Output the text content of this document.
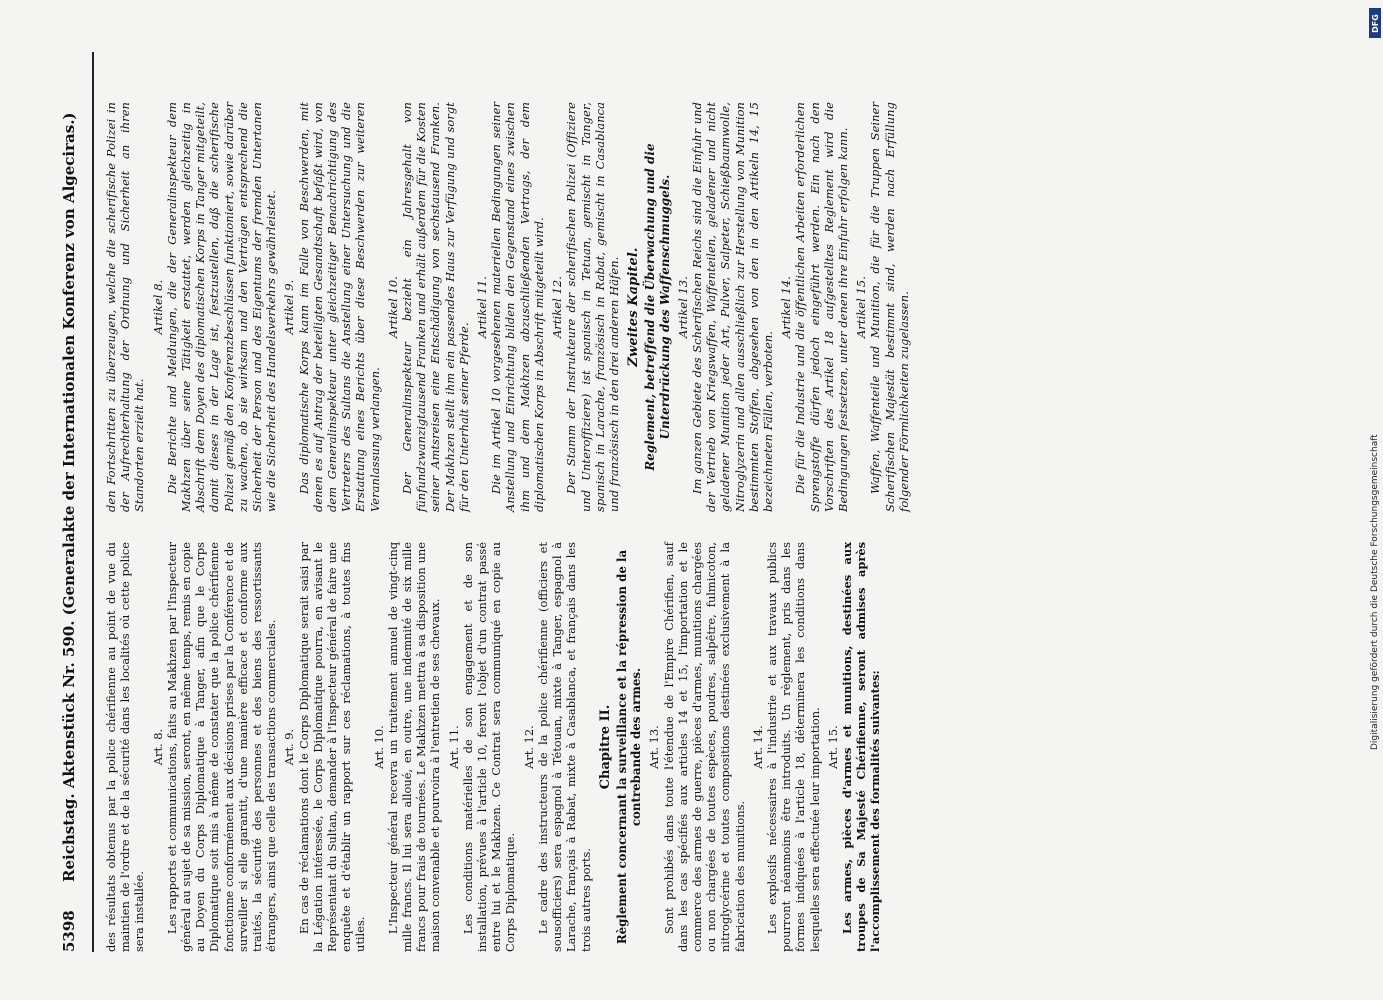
5398
Reichstag. Aktenstück Nr. 590. (Generalakte der Internationalen Konferenz von Algeciras.) des résultats obtenus par la police chérifienne au point de vue du maintien de l'ordre et de la sécurité dans les localités où cette police sera installée.

Art. 8. Les rapports et communications, faits au Makhzen par l'Inspecteur général au sujet de sa mission, seront, en même temps, remis en copie au Doyen du Corps Diplomatique à Tanger, afin que le Corps Diplomatique soit mis à même de constater que la police chérifienne fonctionne conformément aux décisions prises par la Conférence et de surveiller si elle garantit, d'une manière efficace et conforme aux traités, la sécurité des personnes et des biens des ressortissants étrangers, ainsi que celle des transactions commerciales. Art. 9. En cas de réclamations dont le Corps Diplomatique serait saisi par la Légation intéressée, le Corps Diplomatique pourra, en avisant le Représentant du Sultan, demander à l'Inspecteur général de faire une enquête et d'établir un rapport sur ces réclamations, à toutes fins utiles.

Art. 10. L'Inspecteur général recevra un traitement annuel de vingt-cinq mille francs. Il lui sera alloué, en outre, une indemnité de six mille francs pour frais de tournées. Le Makhzen mettra à sa disposition une maison convenable et pourvoira à l'entretien de ses chevaux. Art. 11. Les conditions matérielles de son engagement et de son installation, prévues à l'article 10, feront l'objet d'un contrat passé entre lui et le Makhzen. Ce Contrat sera communiqué en copie au Corps Diplomatique.

Art. 12. Le cadre des instructeurs de la police chérifienne (officiers et sousofficiers) sera espagnol à Tétouan, mixte à Tanger, espagnol à Larache, français à Rabat, mixte à Casablanca, et français dans les trois autres ports.

Chapitre II. Règlement concernant la surveillance et la répression de la contrebande des armes. Art. 13. Sont prohibés dans toute l'étendue de l'Empire Chérifien, sauf dans les cas spécifiés aux articles 14 et 15, l'importation et le commerce des armes de guerre, pièces d'armes, munitions chargées ou non chargées de toutes espèces, poudres, salpêtre, fulmicoton, nitroglycérine et toutes compositions destinées exclusivement à la fabrication des munitions.

Art. 14. Les explosifs nécessaires à l'industrie et aux travaux publics pourront néanmoins être introduits. Un règlement, pris dans les formes indiquées à l'article 18, déterminera les conditions dans lesquelles sera effectuée leur importation. Art. 15. Les armes, pièces d'armes et munitions, destinées aux troupes de Sa Majesté Chérifienne, seront admises après l'accomplissement des formalités suivantes:

den Fortschritten zu überzeugen, welche die scherifische Polizei in der Aufrechterhaltung der Ordnung und Sicherheit an ihren Standorten erzielt hat.

Artikel 8. Die Berichte und Meldungen, die der Generalinspekteur dem Makhzen über seine Tätigkeit erstattet, werden gleichzeitig in Abschrift dem Doyen des diplomatischen Korps in Tanger mitgeteilt, damit dieses in der Lage ist, festzustellen, daß die scherifische Polizei gemäß den Konferenzbeschlüssen funktioniert, sowie darüber zu wachen, ob sie wirksam und den Verträgen entsprechend die Sicherheit der Person und des Eigentums der fremden Untertanen wie die Sicherheit des Handelsverkehrs gewährleistet. Artikel 9. Das diplomatische Korps kann im Falle von Beschwerden, mit denen es auf Antrag der beteiligten Gesandtschaft befaßt wird, von dem Generalinspekteur unter gleichzeitiger Benachrichtigung des Vertreters des Sultans die Anstellung einer Untersuchung und die Erstattung eines Berichts über diese Beschwerden zur weiteren Veranlassung verlangen.

Artikel 10. Der Generalinspekteur bezieht ein Jahresgehalt von fünfundzwanzigtausend Franken und erhält außerdem für die Kosten seiner Amtsreisen eine Entschädigung von sechstausend Franken. Der Makhzen stellt ihm ein passendes Haus zur Verfügung und sorgt für den Unterhalt seiner Pferde.

Artikel 11. Die im Artikel 10 vorgesehenen materiellen Bedingungen seiner Anstellung und Einrichtung bilden den Gegenstand eines zwischen ihm und dem Makhzen abzuschließenden Vertrags, der dem diplomatischen Korps in Abschrift mitgeteilt wird. Artikel 12. Der Stamm der Instrukteure der scherifischen Polizei (Offiziere und Unteroffiziere) ist spanisch in Tetuan, gemischt in Tanger, spanisch in Larache, französisch in Rabat, gemischt in Casablanca und französisch in den drei anderen Häfen. Zweites Kapitel. Reglement, betreffend die Überwachung und die Unterdrückung des Waffenschmuggels. Artikel 13. Im ganzen Gebiete des Scherifischen Reichs sind die Einfuhr und der Vertrieb von Kriegswaffen, Waffenteilen, geladener und nicht geladener Munition jeder Art, Pulver, Salpeter, Schießbaumwolle, Nitroglyzerin und allen ausschließlich zur Herstellung von Munition bestimmten Stoffen, abgesehen von den in den Artikeln 14, 15 bezeichneten Fällen, verboten.

Artikel 14. Die für die Industrie und die öffentlichen Arbeiten erforderlichen Sprengstoffe dürfen jedoch eingeführt werden. Ein nach den Vorschriften des Artikel 18 aufgestelltes Reglement wird die Bedingungen festsetzen, unter denen ihre Einfuhr erfolgen kann. Artikel 15. Waffen, Waffenteile und Munition, die für die Truppen Seiner Scherifischen Majestät bestimmt sind, werden nach Erfüllung folgender Förmlichkeiten zugelassen.

DFG
Digitalisierung gefördert durch die Deutsche Forschungsgemeinschaft
